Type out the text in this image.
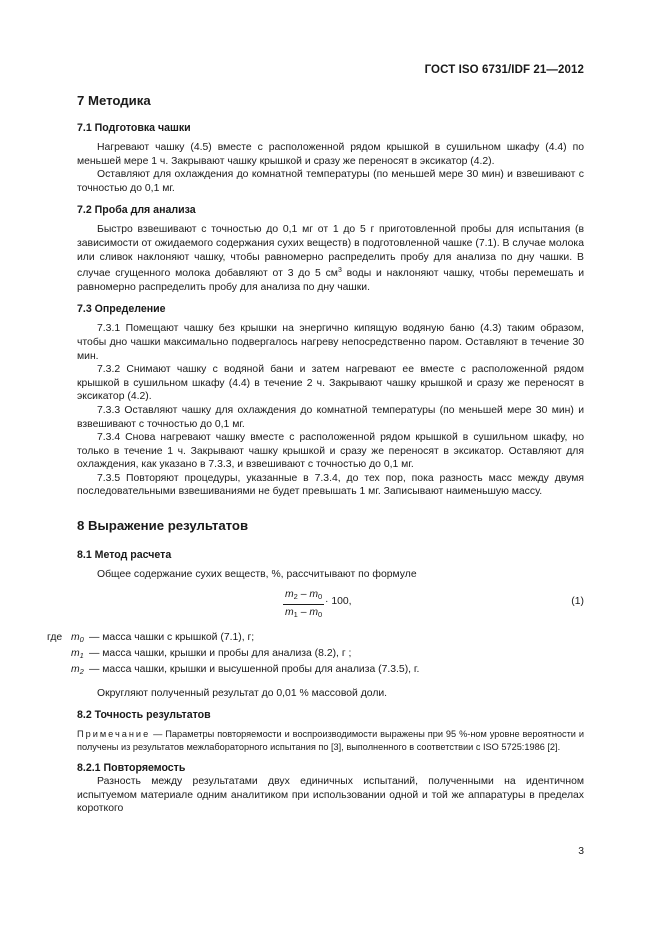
ГОСТ ISO 6731/IDF 21—2012
7 Методика
7.1 Подготовка чашки

Нагревают чашку (4.5) вместе с расположенной рядом крышкой в сушильном шкафу (4.4) по меньшей мере 1 ч. Закрывают чашку крышкой и сразу же переносят в эксикатор (4.2).

Оставляют для охлаждения до комнатной температуры (по меньшей мере 30 мин) и взвешивают с точностью до 0,1 мг.

7.2 Проба для анализа

Быстро взвешивают с точностью до 0,1 мг от 1 до 5 г приготовленной пробы для испытания (в зависимости от ожидаемого содержания сухих веществ) в подготовленной чашке (7.1). В случае молока или сливок наклоняют чашку, чтобы равномерно распределить пробу для анализа по дну чашки. В случае сгущенного молока добавляют от 3 до 5 $см^3$ воды и наклоняют чашку, чтобы перемешать и равномерно распределить пробу для анализа по дну чашки.

7.3 Определение

7.3.1 Помещают чашку без крышки на энергично кипящую водяную баню (4.3) таким образом, чтобы дно чашки максимально подвергалось нагреву непосредственно паром. Оставляют в течение 30 мин.

7.3.2 Снимают чашку с водяной бани и затем нагревают ее вместе с расположенной рядом крышкой в сушильном шкафу (4.4) в течение 2 ч. Закрывают чашку крышкой и сразу же переносят в эксикатор (4.2).

7.3.3 Оставляют чашку для охлаждения до комнатной температуры (по меньшей мере 30 мин) и взвешивают с точностью до 0,1 мг.

7.3.4 Снова нагревают чашку вместе с расположенной рядом крышкой в сушильном шкафу, но только в течение 1 ч. Закрывают чашку крышкой и сразу же переносят в эксикатор. Оставляют для охлаждения, как указано в 7.3.3, и взвешивают с точностью до 0,1 мг.

7.3.5 Повторяют процедуры, указанные в 7.3.4, до тех пор, пока разность масс между двумя последовательными взвешиваниями не будет превышать 1 мг. Записывают наименьшую массу.

8 Выражение результатов
8.1 Метод расчета

Общее содержание сухих веществ, %, рассчитывают по формуле

$\frac{m_2 - m_0}{m_1 - m_0} \cdot 100$,	(1)
где $m_0$ — масса чашки с крышкой (7.1), г;
$m_1$ — масса чашки, крышки и пробы для анализа (8.2), г ;
$m_2$ — масса чашки, крышки и высушенной пробы для анализа (7.3.5), г.

Округляют полученный результат до 0,01 % массовой доли.

8.2 Точность результатов

Примечание — Параметры повторяемости и воспроизводимости выражены при 95 %-ном уровне вероятности и получены из результатов межлабораторного испытания по [3], выполненного в соответствии с ISO 5725:1986 [2].

8.2.1 Повторяемость

Разность между результатами двух единичных испытаний, полученными на идентичном испытуемом материале одним аналитиком при использовании одной и той же аппаратуры в пределах короткого

3
